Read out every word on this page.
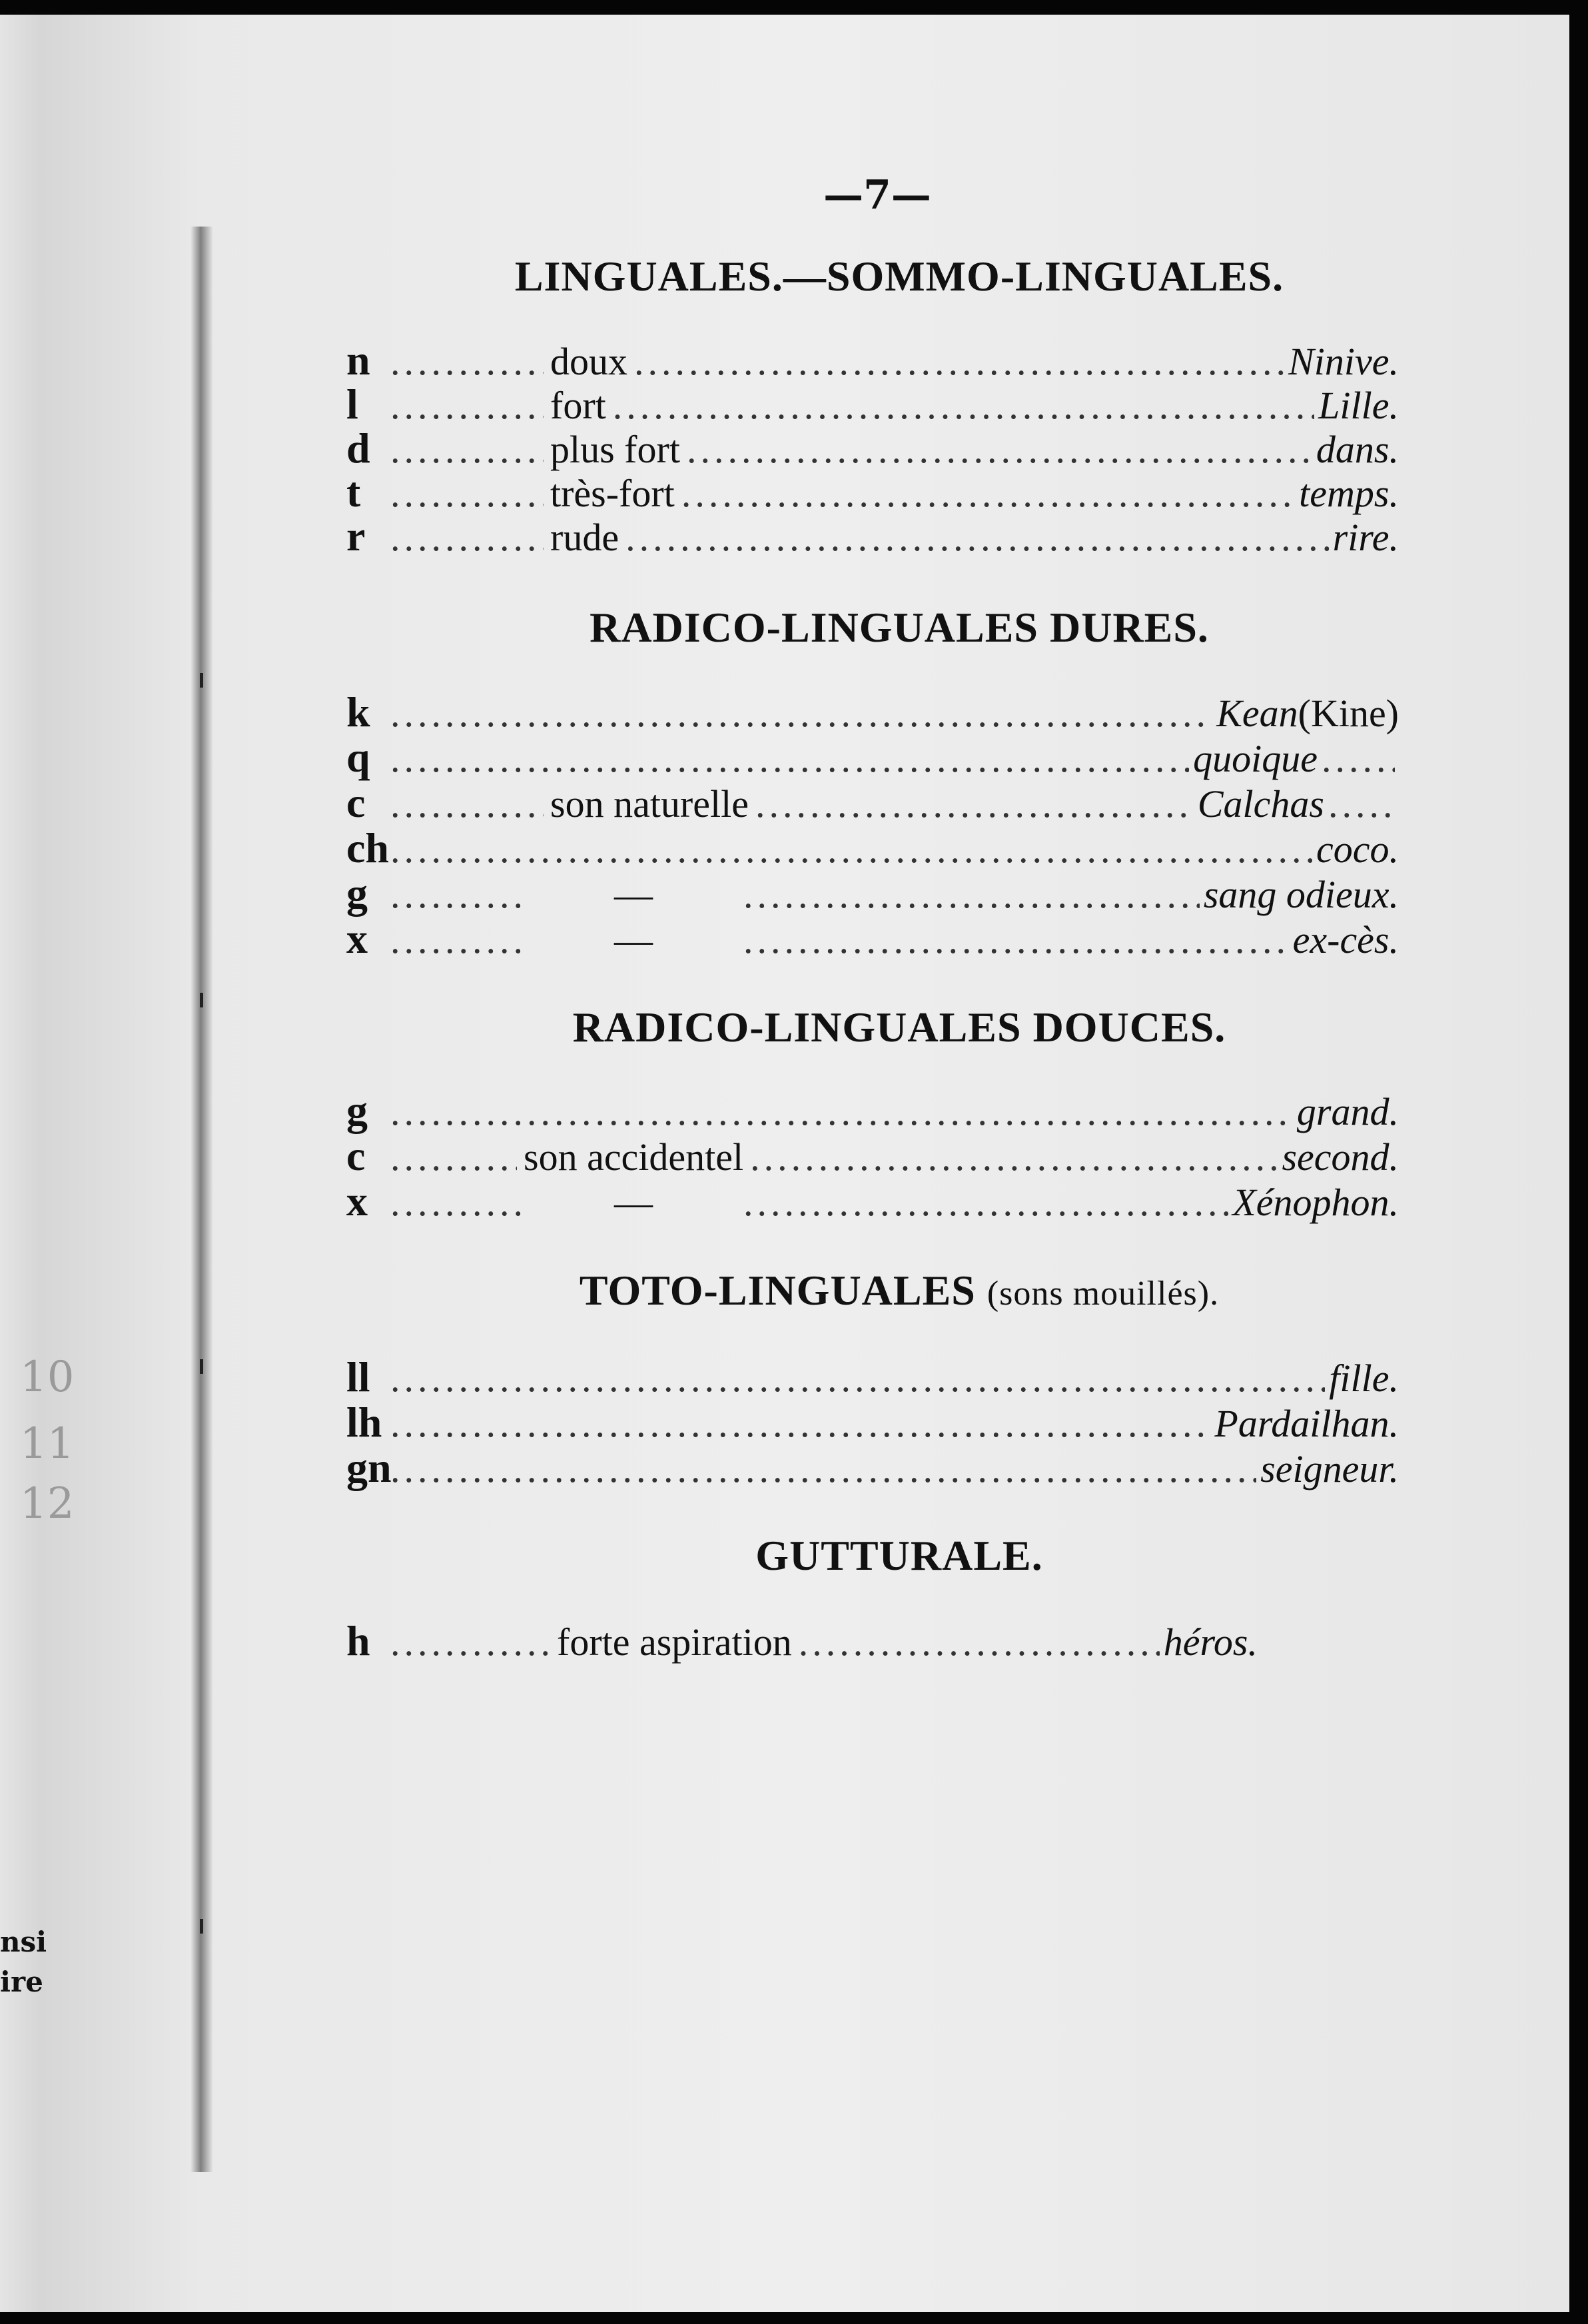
10
11
12
nsi
ire
—7—
LINGUALES.—SOMMO-LINGUALES.
n .....	doux .....	Ninive.
l .....	fort .....	Lille.
d .....	plus fort .....	dans.
t .....	très-fort .....	temps.
r .....	rude .....	rire.
RADICO-LINGUALES DURES.
k .....	Kean (Kine)
q .....	quoique
.....
c .....	son naturelle .....	Calchas
.....
ch .....	coco.
g .....	— .....	sang odieux.
x .....	— .....	ex-cès.
RADICO-LINGUALES DOUCES.
g .....	grand.
c .....	son accidentel .....	second.
x .....	— .....	Xénophon.
TOTO-LINGUALES (sons mouillés).
ll .....	fille.
lh .....	Pardailhan.
gn .....	seigneur.
GUTTURALE.
h .....	forte aspiration .....	héros.
